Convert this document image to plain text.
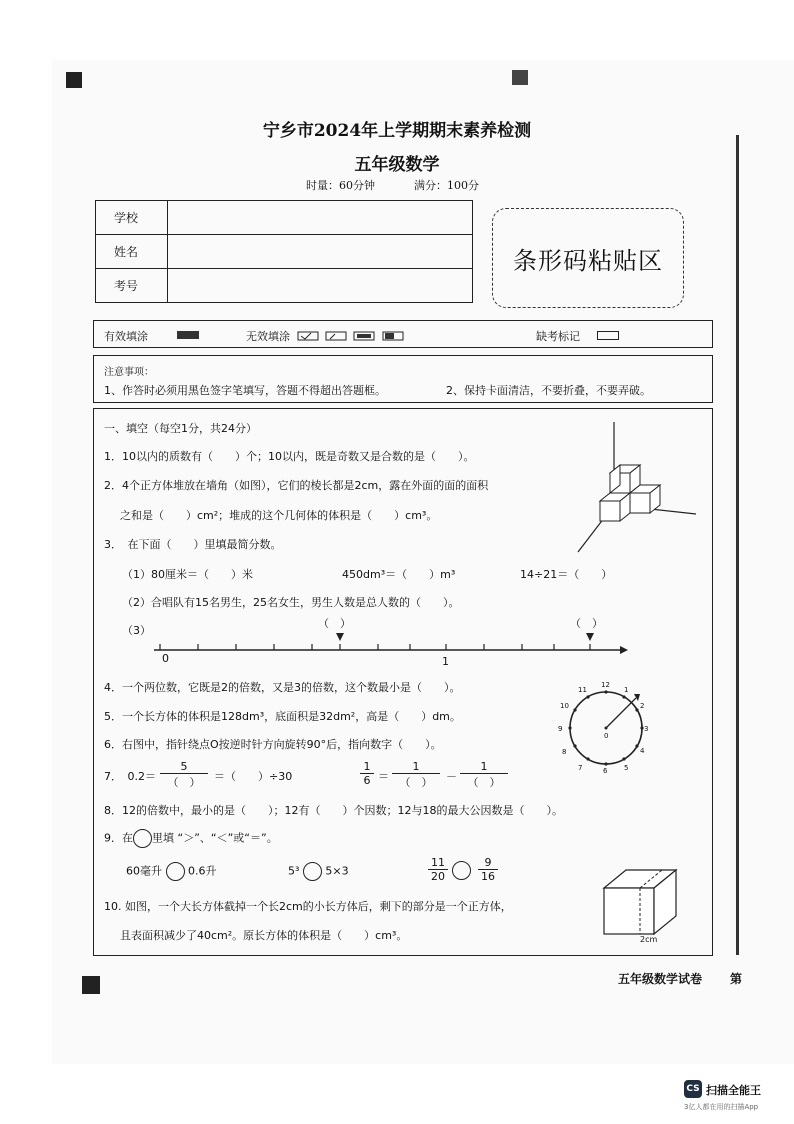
宁乡市2024年上学期期末素养检测
五年级数学
时量：60分钟	满分：100分
学校	
姓名	
考号	
条形码粘贴区
有效填涂	无效填涂	缺考标记
注意事项：
1、作答时必须用黑色签字笔填写，答题不得超出答题框。	2、保持卡面清洁，不要折叠，不要弄破。
一、填空（每空1分，共24分）
1．10以内的质数有（　　）个；10以内，既是奇数又是合数的是（　　）。
2．4个正方体堆放在墙角（如图），它们的棱长都是2cm，露在外面的面的面积
之和是（　　）cm²；堆成的这个几何体的体积是（　　）cm³。
3．　在下面（　　）里填最简分数。
（1）80厘米＝（　　）米	450dm³＝（　　）m³	14÷21＝（　　）
（2）合唱队有15名男生，25名女生，男生人数是总人数的（　　）。
（3）
0	1
（　）	（　）
4．一个两位数，它既是2的倍数，又是3的倍数，这个数最小是（　　）。
5．一个长方体的体积是128dm³，底面积是32dm²，高是（　　）dm。
6．右图中，指针绕点O按逆时针方向旋转90°后，指向数字（　　）。
12
1
2
3
4
5
6
7
8
9
10
11
0
7．　0.2＝
5
（　）	＝（　　）÷30	$\frac{1}{6}$ ＝
1
（　）	－
1
（　）
8．12的倍数中，最小的是（　　）；12有（　　）个因数；12与18的最大公因数是（　　）。
9．在 里填 “＞”、“＜”或“＝”。
60毫升 0.6升	5³ 5×3	$\frac{11}{20}$	$\frac{9}{16}$
10. 如图，一个大长方体截掉一个长2cm的小长方体后，剩下的部分是一个正方体，
且表面积减少了40cm²。原长方体的体积是（　　）cm³。	2cm
五年级数学试卷 第
CS 扫描全能王
3亿人都在用的扫描App
